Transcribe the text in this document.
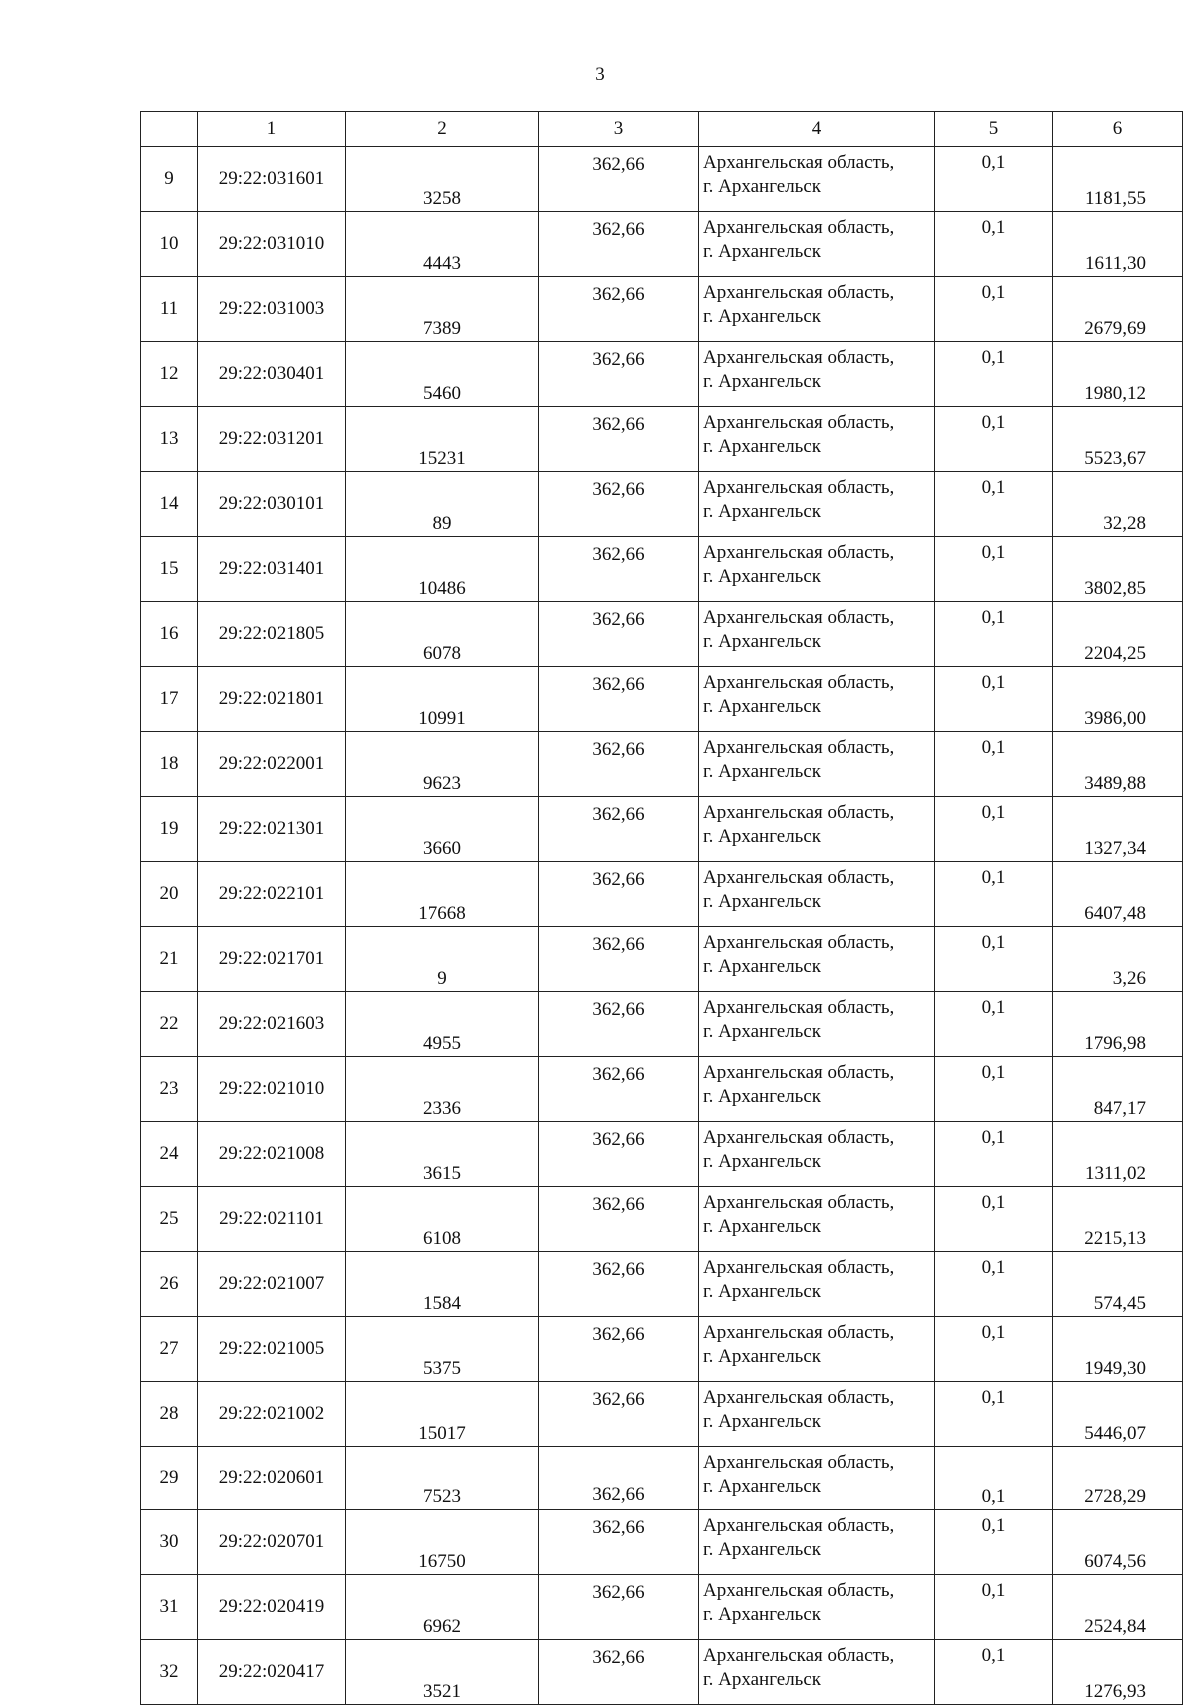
3
	1	2	3	4	5	6
9	29:22:031601	3258	362,66	Архангельская область,
г. Архангельск	0,1	1181,55
10	29:22:031010	4443	362,66	Архангельская область,
г. Архангельск	0,1	1611,30
11	29:22:031003	7389	362,66	Архангельская область,
г. Архангельск	0,1	2679,69
12	29:22:030401	5460	362,66	Архангельская область,
г. Архангельск	0,1	1980,12
13	29:22:031201	15231	362,66	Архангельская область,
г. Архангельск	0,1	5523,67
14	29:22:030101	89	362,66	Архангельская область,
г. Архангельск	0,1	32,28
15	29:22:031401	10486	362,66	Архангельская область,
г. Архангельск	0,1	3802,85
16	29:22:021805	6078	362,66	Архангельская область,
г. Архангельск	0,1	2204,25
17	29:22:021801	10991	362,66	Архангельская область,
г. Архангельск	0,1	3986,00
18	29:22:022001	9623	362,66	Архангельская область,
г. Архангельск	0,1	3489,88
19	29:22:021301	3660	362,66	Архангельская область,
г. Архангельск	0,1	1327,34
20	29:22:022101	17668	362,66	Архангельская область,
г. Архангельск	0,1	6407,48
21	29:22:021701	9	362,66	Архангельская область,
г. Архангельск	0,1	3,26
22	29:22:021603	4955	362,66	Архангельская область,
г. Архангельск	0,1	1796,98
23	29:22:021010	2336	362,66	Архангельская область,
г. Архангельск	0,1	847,17
24	29:22:021008	3615	362,66	Архангельская область,
г. Архангельск	0,1	1311,02
25	29:22:021101	6108	362,66	Архангельская область,
г. Архангельск	0,1	2215,13
26	29:22:021007	1584	362,66	Архангельская область,
г. Архангельск	0,1	574,45
27	29:22:021005	5375	362,66	Архангельская область,
г. Архангельск	0,1	1949,30
28	29:22:021002	15017	362,66	Архангельская область,
г. Архангельск	0,1	5446,07
29	29:22:020601	7523	362,66	Архангельская область,
г. Архангельск	0,1	2728,29
30	29:22:020701	16750	362,66	Архангельская область,
г. Архангельск	0,1	6074,56
31	29:22:020419	6962	362,66	Архангельская область,
г. Архангельск	0,1	2524,84
32	29:22:020417	3521	362,66	Архангельская область,
г. Архангельск	0,1	1276,93
